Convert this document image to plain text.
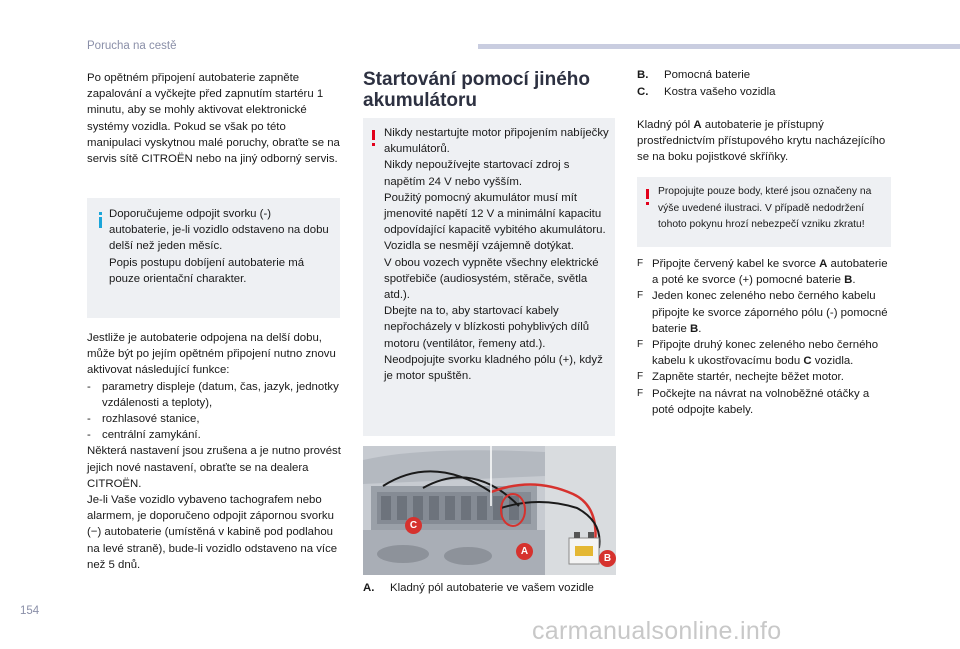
Porucha na cestě

Po opětném připojení autobaterie zapněte zapalování a vyčkejte před zapnutím startéru 1 minutu, aby se mohly aktivovat elektronické systémy vozidla. Pokud se však po této manipulaci vyskytnou malé poruchy, obraťte se na servis sítě CITROËN nebo na jiný odborný servis.

Doporučujeme odpojit svorku (-) autobaterie, je-li vozidlo odstaveno na dobu delší než jeden měsíc.

Popis postupu dobíjení autobaterie má pouze orientační charakter.

Jestliže je autobaterie odpojena na delší dobu, může být po jejím opětném připojení nutno znovu aktivovat následující funkce:

- parametry displeje (datum, čas, jazyk, jednotky vzdálenosti a teploty),
- rozhlasové stanice,
- centrální zamykání.

Některá nastavení jsou zrušena a je nutno provést jejich nové nastavení, obraťte se na dealera CITROËN.

Je-li Vaše vozidlo vybaveno tachografem nebo alarmem, je doporučeno odpojit zápornou svorku (−) autobaterie (umístěná v kabině pod podlahou na levé straně), bude-li vozidlo odstaveno na více než 5 dnů.

Startování pomocí jiného akumulátoru

Nikdy nestartujte motor připojením nabíječky akumulátorů.

Nikdy nepoužívejte startovací zdroj s napětím 24 V nebo vyšším.

Použitý pomocný akumulátor musí mít jmenovité napětí 12 V a minimální kapacitu odpovídající kapacitě vybitého akumulátoru.

Vozidla se nesmějí vzájemně dotýkat.

V obou vozech vypněte všechny elektrické spotřebiče (audiosystém, stěrače, světla atd.).

Dbejte na to, aby startovací kabely nepřocházely v blízkosti pohyblivých dílů motoru (ventilátor, řemeny atd.).

Neodpojujte svorku kladného pólu (+), když je motor spuštěn.

C
A
B
A. Kladný pól autobaterie ve vašem vozidle
B. Pomocná baterie
C. Kostra vašeho vozidla
Kladný pól A autobaterie je přístupný prostřednictvím přístupového krytu nacházejícího se na boku pojistkové skříňky.
Propojujte pouze body, které jsou označeny na výše uvedené ilustraci. V případě nedodržení tohoto pokynu hrozí nebezpečí vzniku zkratu!
F Připojte červený kabel ke svorce A autobaterie a poté ke svorce (+) pomocné baterie B.
F Jeden konec zeleného nebo černého kabelu připojte ke svorce záporného pólu (-) pomocné baterie B.
F Připojte druhý konec zeleného nebo černého kabelu k ukostřovacímu bodu C vozidla.
F Zapněte startér, nechejte běžet motor.
F Počkejte na návrat na volnoběžné otáčky a poté odpojte kabely.
154
carmanualsonline.info
